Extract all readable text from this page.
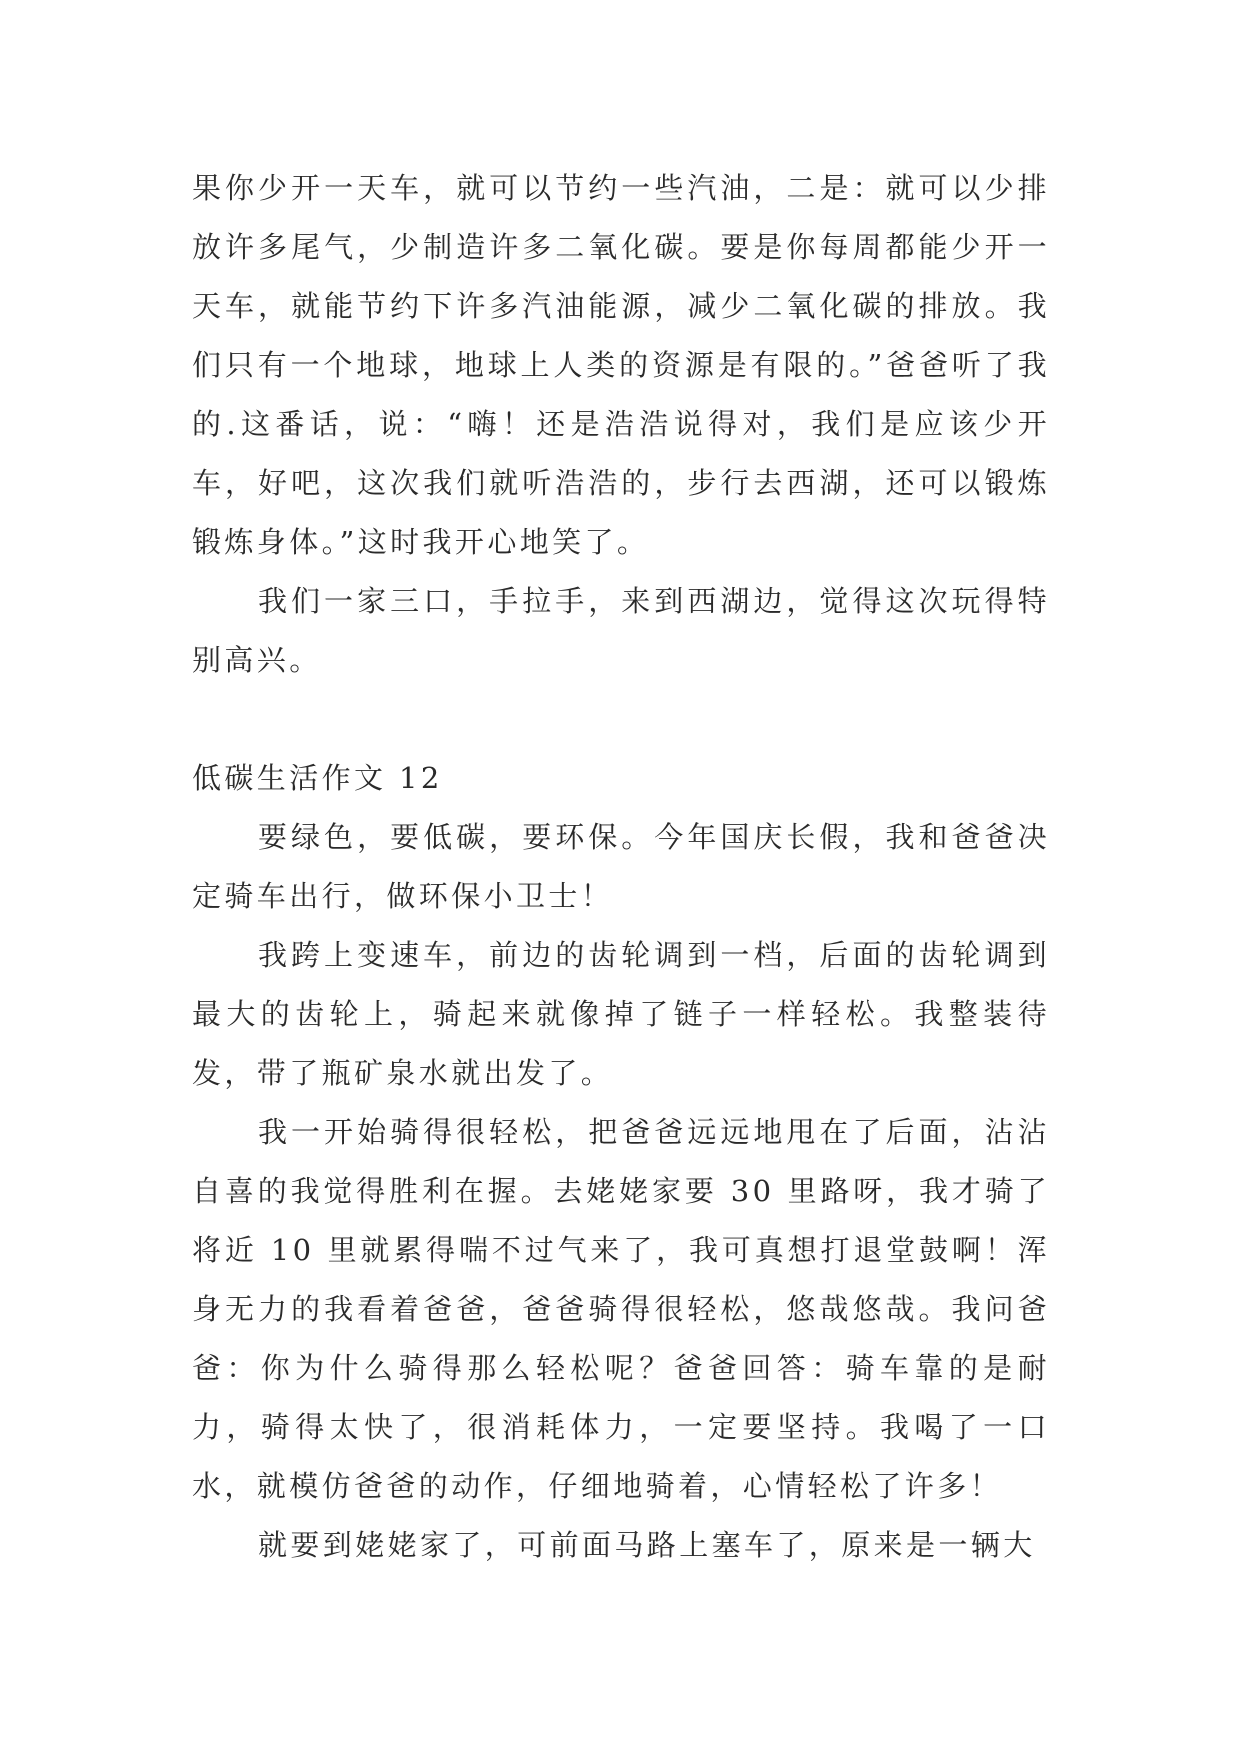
果你少开一天车，就可以节约一些汽油，二是：就可以少排放许多尾气，少制造许多二氧化碳。要是你每周都能少开一天车，就能节约下许多汽油能源，减少二氧化碳的排放。我们只有一个地球，地球上人类的资源是有限的。”爸爸听了我的.这番话，说：“嗨！还是浩浩说得对，我们是应该少开车，好吧，这次我们就听浩浩的，步行去西湖，还可以锻炼锻炼身体。”这时我开心地笑了。

我们一家三口，手拉手，来到西湖边，觉得这次玩得特别高兴。

低碳生活作文 12

要绿色，要低碳，要环保。今年国庆长假，我和爸爸决定骑车出行，做环保小卫士！

我跨上变速车，前边的齿轮调到一档，后面的齿轮调到最大的齿轮上，骑起来就像掉了链子一样轻松。我整装待发，带了瓶矿泉水就出发了。

我一开始骑得很轻松，把爸爸远远地甩在了后面，沾沾自喜的我觉得胜利在握。去姥姥家要 30 里路呀，我才骑了将近 10 里就累得喘不过气来了，我可真想打退堂鼓啊！浑身无力的我看着爸爸，爸爸骑得很轻松，悠哉悠哉。我问爸爸：你为什么骑得那么轻松呢？爸爸回答：骑车靠的是耐力，骑得太快了，很消耗体力，一定要坚持。我喝了一口水，就模仿爸爸的动作，仔细地骑着，心情轻松了许多！

就要到姥姥家了，可前面马路上塞车了，原来是一辆大
